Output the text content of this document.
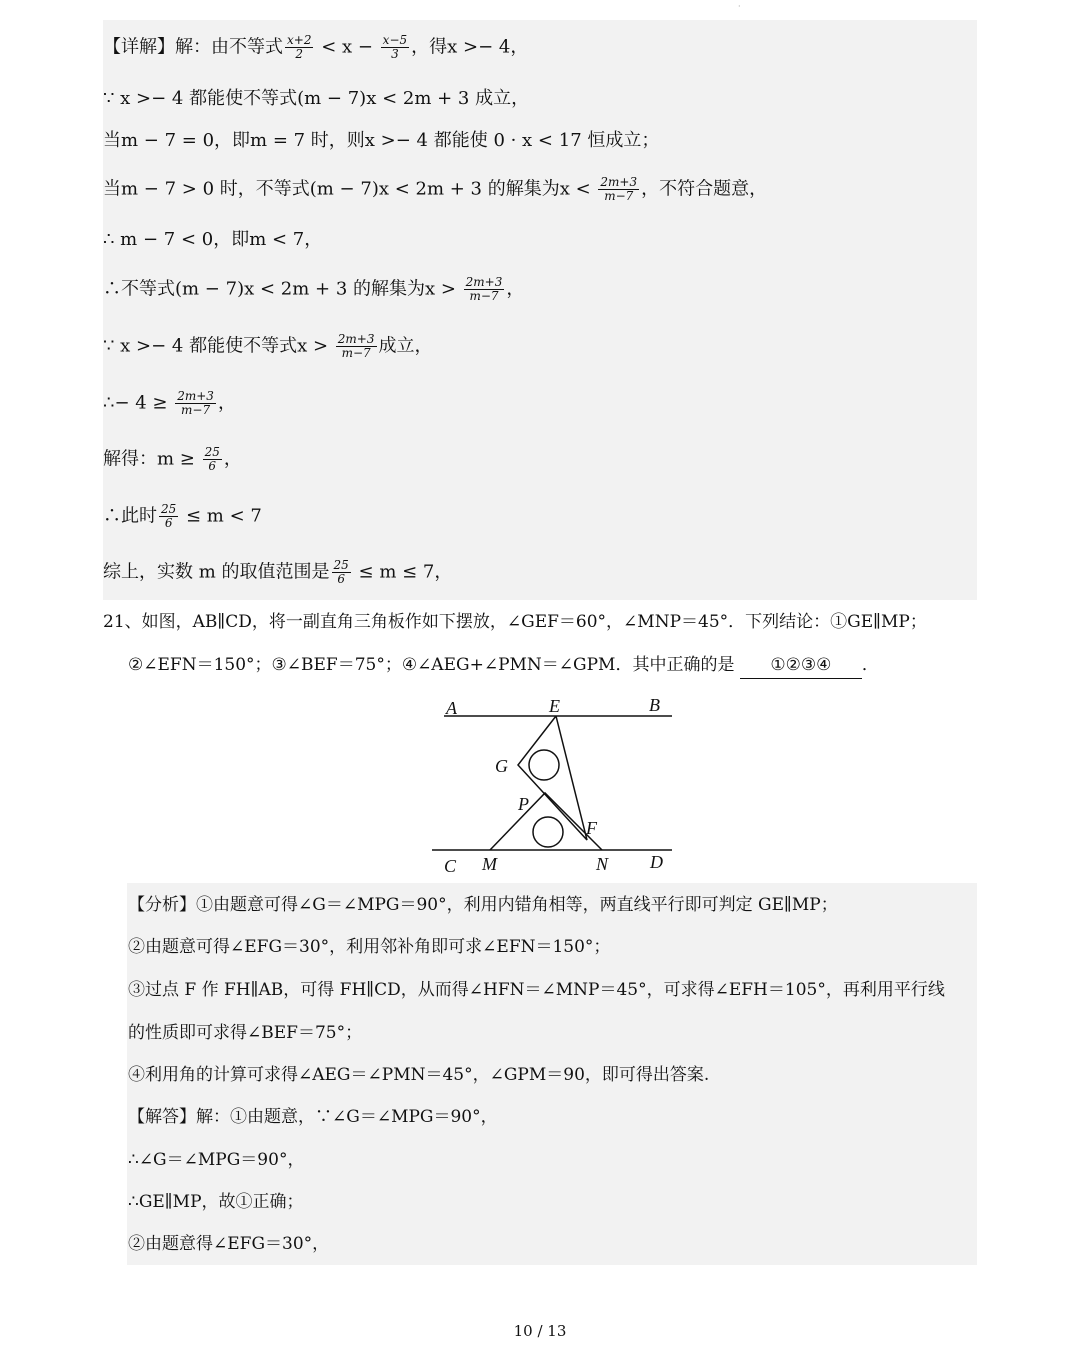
·
【详解】解：由不等式 $\frac{x+2}{2} < x - \frac{x-5}{3}$ ，得x >− 4，
∵ x >− 4 都能使不等式(m − 7)x < 2m + 3 成立，
当m − 7 = 0，即m = 7 时，则x >− 4 都能使 0 · x < 17 恒成立；
当m − 7 > 0 时，不等式(m − 7)x < 2m + 3 的解集为$x < \frac{2m+3}{m-7}$ ，不符合题意，
∴ m − 7 < 0，即m < 7，
∴不等式(m − 7)x < 2m + 3 的解集为$x > \frac{2m+3}{m-7}$ ，
∵ x >− 4 都能使不等式$x > \frac{2m+3}{m-7}$ 成立，
∴− $4 \ge \frac{2m+3}{m-7}$ ，
解得：$m \ge \frac{25}{6}$ ，
∴此时 $\frac{25}{6} \le m < 7$
综上，实数 m 的取值范围是 $\frac{25}{6} \le m \le 7$，
21、如图，AB∥CD，将一副直角三角板作如下摆放，∠GEF＝60°，∠MNP＝45°．下列结论：①GE∥MP；
②∠EFN＝150°；③∠BEF＝75°；④∠AEG+∠PMN＝∠GPM．其中正确的是 ①②③④ ．
A	E	B
G
P
F
C M	N D
【分析】①由题意可得∠G＝∠MPG＝90°，利用内错角相等，两直线平行即可判定 GE∥MP；
②由题意可得∠EFG＝30°，利用邻补角即可求∠EFN＝150°；
③过点 F 作 FH∥AB，可得 FH∥CD，从而得∠HFN＝∠MNP＝45°，可求得∠EFH＝105°，再利用平行线
的性质即可求得∠BEF＝75°；
④利用角的计算可求得∠AEG＝∠PMN＝45°，∠GPM＝90，即可得出答案.
【解答】解：①由题意，∵∠G＝∠MPG＝90°，
∴∠G＝∠MPG＝90°，
∴GE∥MP，故①正确；
②由题意得∠EFG＝30°，
10 / 13
